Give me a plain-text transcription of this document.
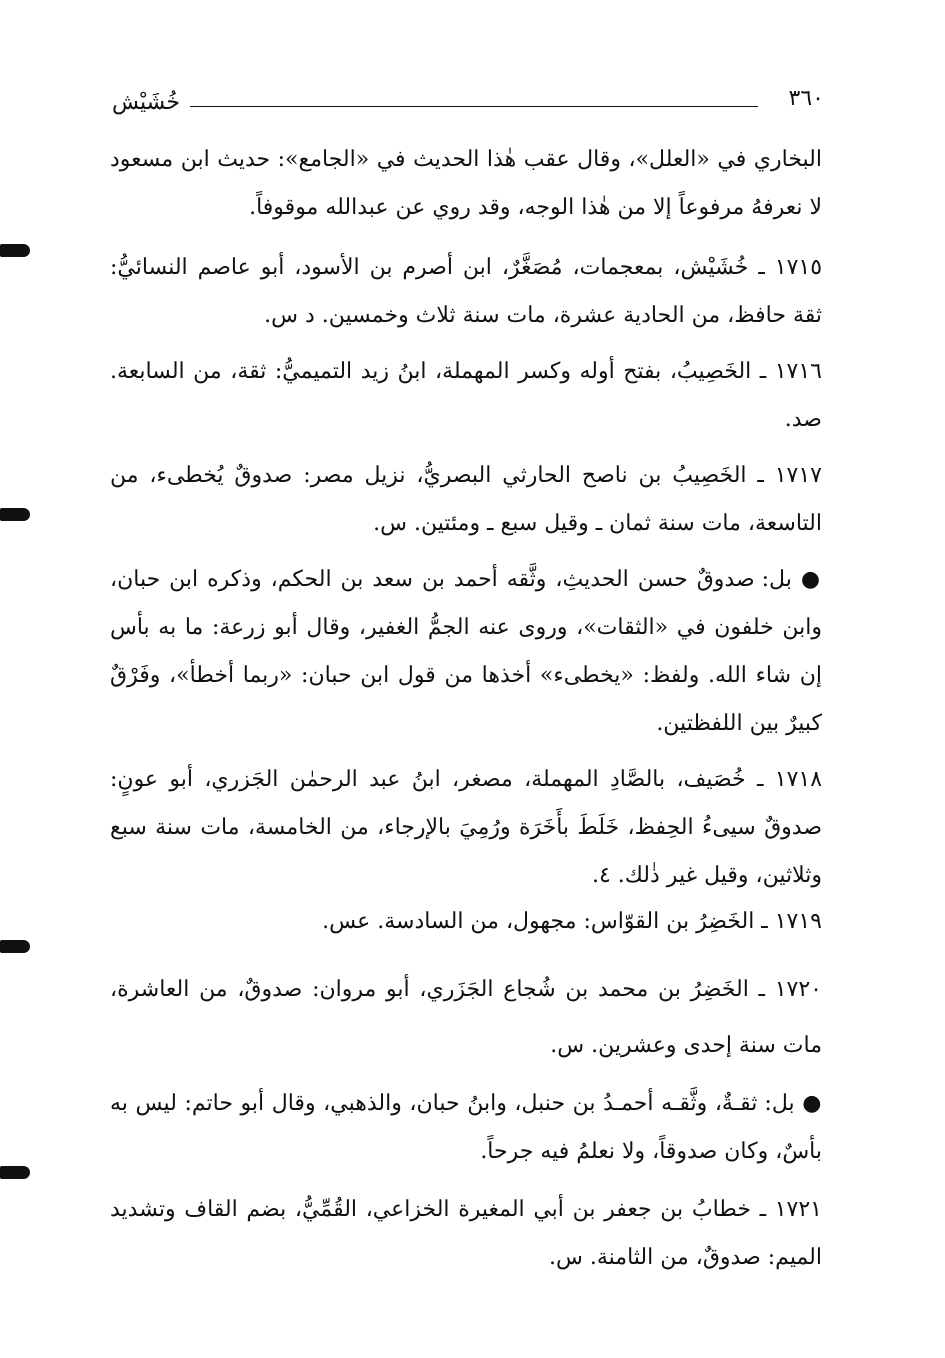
٣٦٠
خُشَيْش

البخاري في «العلل»، وقال عقب هٰذا الحديث في «الجامع»: حديث ابن مسعود لا نعرفهُ مرفوعاً إلا من هٰذا الوجه، وقد روي عن عبدالله موقوفاً.

١٧١٥ ـ خُشَيْش، بمعجمات، مُصَغَّرٌ، ابن أصرم بن الأسود، أبو عاصم النسائيُّ: ثقة حافظ، من الحادية عشرة، مات سنة ثلاث وخمسين. د س.

١٧١٦ ـ الخَصِيبُ، بفتح أوله وكسر المهملة، ابنُ زيد التميميُّ: ثقة، من السابعة. صد.

١٧١٧ ـ الخَصِيبُ بن ناصح الحارثي البصريُّ، نزيل مصر: صدوقٌ يُخطىء، من التاسعة، مات سنة ثمان ـ وقيل سبع ـ ومئتين. س.

● بل: صدوقٌ حسن الحديثِ، وثَّقه أحمد بن سعد بن الحكم، وذكره ابن حبان، وابن خلفون في «الثقات»، وروى عنه الجمُّ الغفير، وقال أبو زرعة: ما به بأس إن شاء الله. ولفظ: «يخطىء» أخذها من قول ابن حبان: «ربما أخطأ»، وفَرْقٌ كبيرٌ بين اللفظتين.

١٧١٨ ـ خُصَيف، بالصَّادِ المهملة، مصغر، ابنُ عبد الرحمٰن الجَزري، أبو عونٍ: صدوقٌ سيىءُ الحِفظ، خَلَطَ بأَخَرَة ورُمِيَ بالإرجاء، من الخامسة، مات سنة سبع وثلاثين، وقيل غير ذٰلك. ٤.

١٧١٩ ـ الخَضِرُ بن القوّاس: مجهول، من السادسة. عس.

١٧٢٠ ـ الخَضِرُ بن محمد بن شُجاع الجَزَري، أبو مروان: صدوقٌ، من العاشرة، مات سنة إحدى وعشرين. س.

● بل: ثقـةٌ، وثَّقـه أحمـدُ بن حنبل، وابنُ حبان، والذهبي، وقال أبو حاتم: ليس به بأسٌ، وكان صدوقاً، ولا نعلمُ فيه جرحاً.

١٧٢١ ـ خطابُ بن جعفر بن أبي المغيرة الخزاعي، القُمِّيُّ، بضم القاف وتشديد الميم: صدوقٌ، من الثامنة. س.
